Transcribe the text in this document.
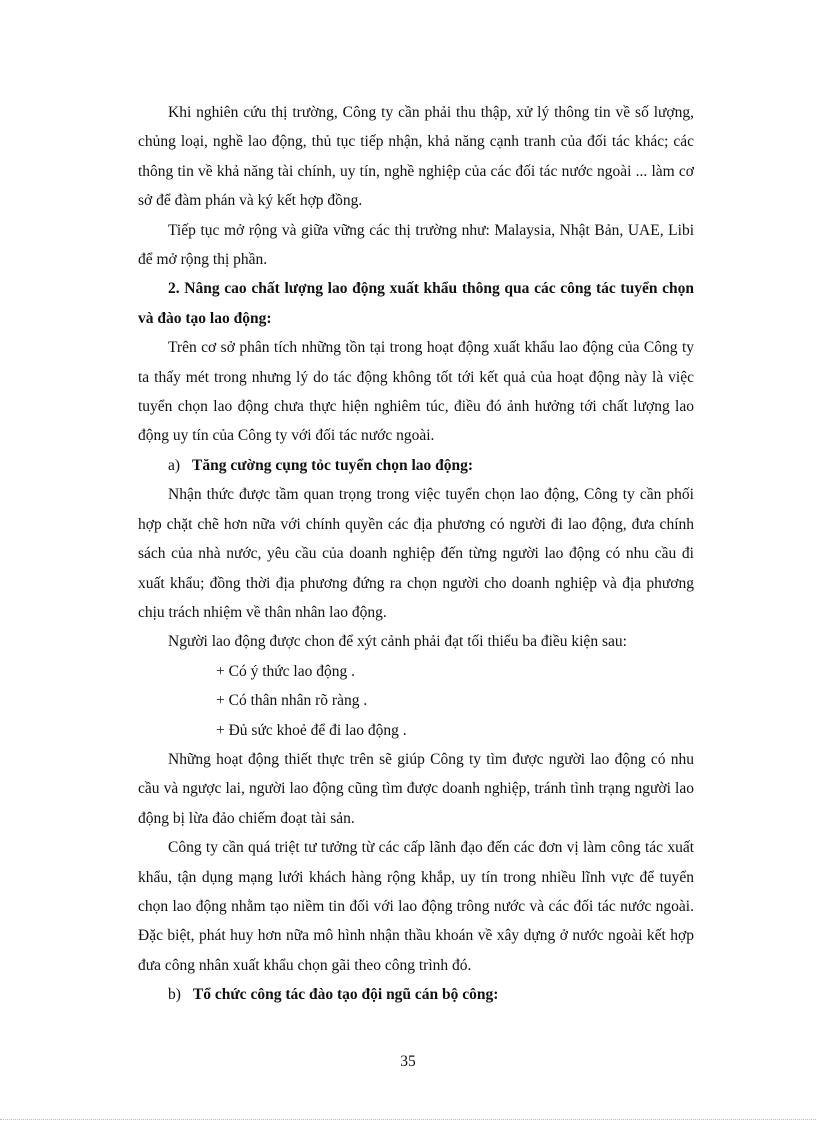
Khi nghiên cứu thị trường, Công ty cần phải thu thập, xử lý thông tin về số lượng, chủng loại, nghề lao động, thủ tục tiếp nhận, khả năng cạnh tranh của đối tác khác; các thông tin về khả năng tài chính, uy tín, nghề nghiệp của các đối tác nước ngoài ... làm cơ sở để đàm phán và ký kết hợp đồng.

Tiếp tục mở rộng và giữa vững các thị trường như: Malaysia, Nhật Bản, UAE, Libi để mở rộng thị phần.

2. Nâng cao chất lượng lao động xuất khẩu thông qua các công tác tuyển chọn và đào tạo lao động:

Trên cơ sở phân tích những tồn tại trong hoạt động xuất khẩu lao động của Công ty ta thấy mét trong nhưng lý do tác động không tốt tới kết quả của hoạt động này là việc tuyển chọn lao động chưa thực hiện nghiêm túc, điều đó ảnh hưởng tới chất lượng lao động uy tín của Công ty với đối tác nước ngoài.

a) Tăng cường cụng tỏc tuyển chọn lao động:

Nhận thức được tầm quan trọng trong việc tuyển chọn lao động, Công ty cần phối hợp chặt chẽ hơn nữa với chính quyền các địa phương có người đi lao động, đưa chính sách của nhà nước, yêu cầu của doanh nghiệp đến từng người lao động có nhu cầu đi xuất khẩu; đồng thời địa phương đứng ra chọn người cho doanh nghiệp và địa phương chịu trách nhiệm về thân nhân lao động.

Người lao động được chon để xýt cảnh phải đạt tối thiểu ba điều kiện sau:

+ Có ý thức lao động .

+ Có thân nhân rõ ràng .

+ Đủ sức khoẻ để đi lao động .

Những hoạt động thiết thực trên sẽ giúp Công ty tìm được người lao động có nhu cầu và ngược lai, người lao động cũng tìm được doanh nghiệp, tránh tình trạng người lao động bị lừa đảo chiếm đoạt tài sản.

Công ty cần quá triệt tư tưởng từ các cấp lãnh đạo đến các đơn vị làm công tác xuất khẩu, tận dụng mạng lưới khách hàng rộng khắp, uy tín trong nhiều lĩnh vực để tuyển chọn lao động nhằm tạo niềm tin đối với lao động trông nước và các đối tác nước ngoài. Đặc biệt, phát huy hơn nữa mô hình nhận thầu khoán về xây dựng ở nước ngoài kết hợp đưa công nhân xuất khẩu chọn gãi theo công trình đó.

b) Tổ chức công tác đào tạo đội ngũ cán bộ công:

35
